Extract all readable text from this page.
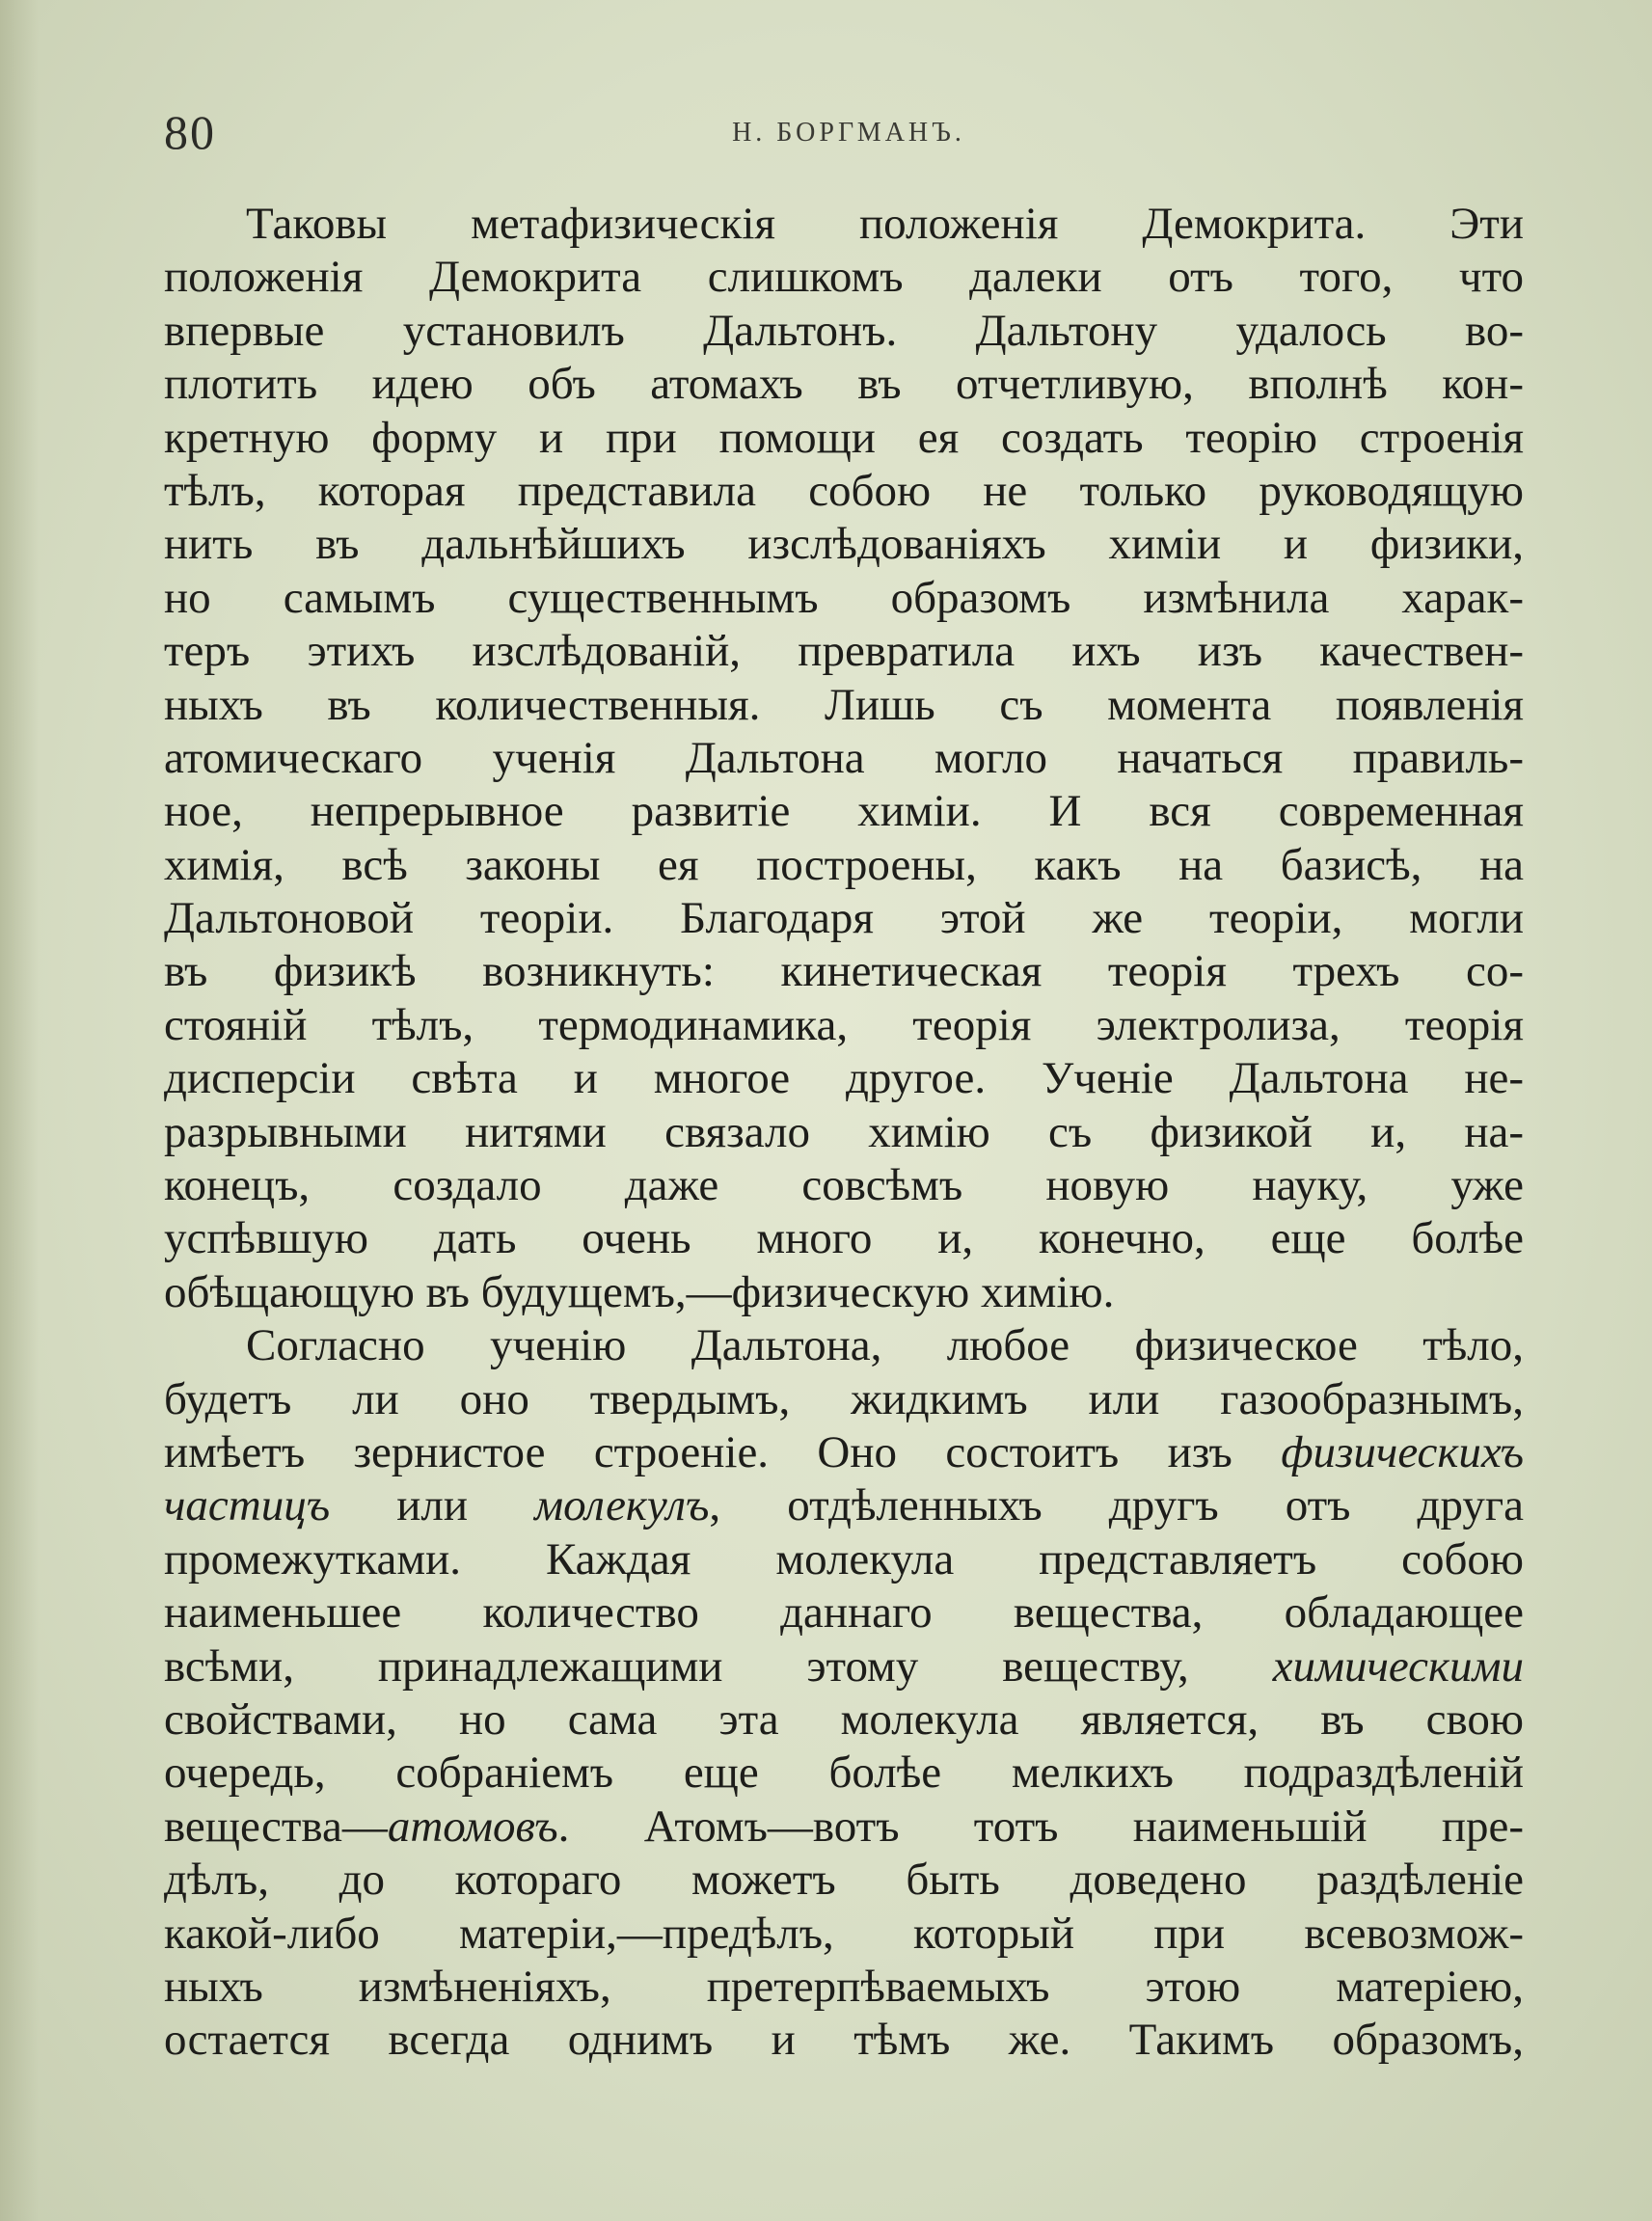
80	Н. БОРГМАНЪ.
Таковы метафизическія положенія Демокрита. Эти
положенія Демокрита слишкомъ далеки отъ того, что
впервые установилъ Дальтонъ. Дальтону удалось во-
плотить идею объ атомахъ въ отчетливую, вполнѣ кон-
кретную форму и при помощи ея создать теорію строенія
тѣлъ, которая представила собою не только руководящую
нить въ дальнѣйшихъ изслѣдованіяхъ химіи и физики,
но самымъ существеннымъ образомъ измѣнила харак-
теръ этихъ изслѣдованій, превратила ихъ изъ качествен-
ныхъ въ количественныя. Лишь съ момента появленія
атомическаго ученія Дальтона могло начаться правиль-
ное, непрерывное развитіе химіи. И вся современная
химія, всѣ законы ея построены, какъ на базисѣ, на
Дальтоновой теоріи. Благодаря этой же теоріи, могли
въ физикѣ возникнуть: кинетическая теорія трехъ со-
стояній тѣлъ, термодинамика, теорія электролиза, теорія
дисперсіи свѣта и многое другое. Ученіе Дальтона не-
разрывными нитями связало химію съ физикой и, на-
конецъ, создало даже совсѣмъ новую науку, уже
успѣвшую дать очень много и, конечно, еще болѣе
обѣщающую въ будущемъ,—физическую химію.
Согласно ученію Дальтона, любое физическое тѣло,
будетъ ли оно твердымъ, жидкимъ или газообразнымъ,
имѣетъ зернистое строеніе. Оно состоитъ изъ физическихъ
частицъ или молекулъ, отдѣленныхъ другъ отъ друга
промежутками. Каждая молекула представляетъ собою
наименьшее количество даннаго вещества, обладающее
всѣми, принадлежащими этому веществу, химическими
свойствами, но сама эта молекула является, въ свою
очередь, собраніемъ еще болѣе мелкихъ подраздѣленій
вещества—атомовъ. Атомъ—вотъ тотъ наименьшій пре-
дѣлъ, до котораго можетъ быть доведено раздѣленіе
какой-либо матеріи,—предѣлъ, который при всевозмож-
ныхъ измѣненіяхъ, претерпѣваемыхъ этою матеріею,
остается всегда однимъ и тѣмъ же. Такимъ образомъ,
